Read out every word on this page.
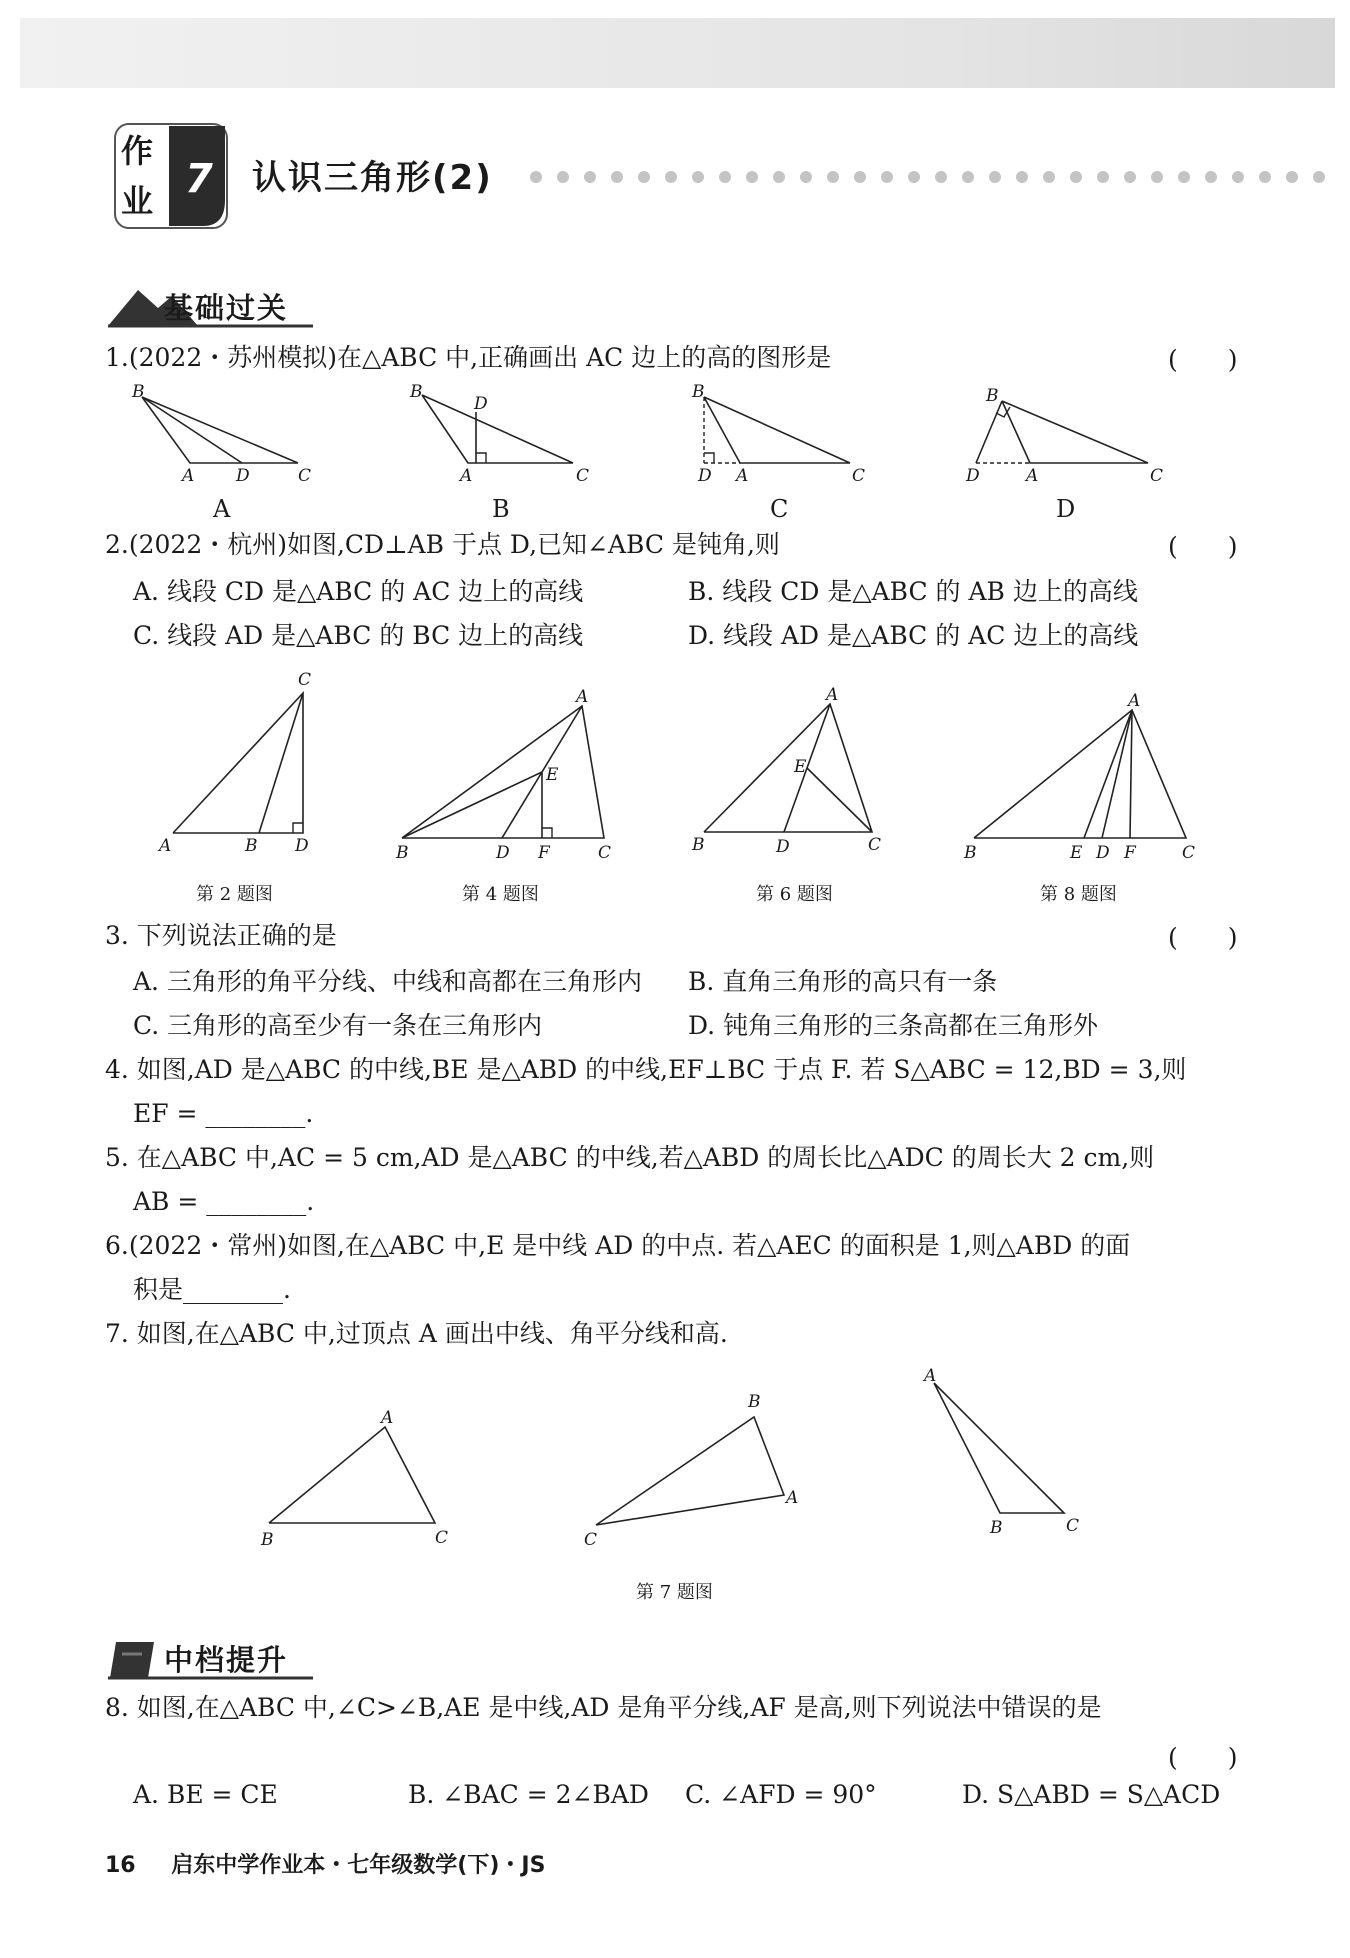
作
业 7 认识三角形(2)
基础过关
1.(2022・苏州模拟)在△ABC 中,正确画出 AC 边上的高的图形是	(　　)
B
A D	C
A
B
D
A	C
B
B
D A	C
C
B
D	A	C
D
2.(2022・杭州)如图,CD⊥AB 于点 D,已知∠ABC 是钝角,则	(　　)
A. 线段 CD 是△ABC 的 AC 边上的高线	B. 线段 CD 是△ABC 的 AB 边上的高线
C. 线段 AD 是△ABC 的 BC 边上的高线	D. 线段 AD 是△ABC 的 AC 边上的高线
C
A	B D
第 2 题图
A
E
B	D F	C
第 4 题图
A
E
B	D	C
第 6 题图
A
B	E D F	C
第 8 题图
3. 下列说法正确的是	(　　)
A. 三角形的角平分线、中线和高都在三角形内 B. 直角三角形的高只有一条
C. 三角形的高至少有一条在三角形内	D. 钝角三角形的三条高都在三角形外
4. 如图,AD 是△ABC 的中线,BE 是△ABD 的中线,EF⊥BC 于点 F. 若 S△ABC = 12,BD = 3,则
EF = ________.
5. 在△ABC 中,AC = 5 cm,AD 是△ABC 的中线,若△ABD 的周长比△ADC 的周长大 2 cm,则
AB = ________.
6.(2022・常州)如图,在△ABC 中,E 是中线 AD 的中点. 若△AEC 的面积是 1,则△ABD 的面
积是________.
7. 如图,在△ABC 中,过顶点 A 画出中线、角平分线和高.
A
B	C
B
A
C
A
B	C
第 7 题图
中档提升
8. 如图,在△ABC 中,∠C>∠B,AE 是中线,AD 是角平分线,AF 是高,则下列说法中错误的是
(　　)
A. BE = CE	B. ∠BAC = 2∠BAD C. ∠AFD = 90°	D. S△ABD = S△ACD
16 启东中学作业本・七年级数学(下)・JS
